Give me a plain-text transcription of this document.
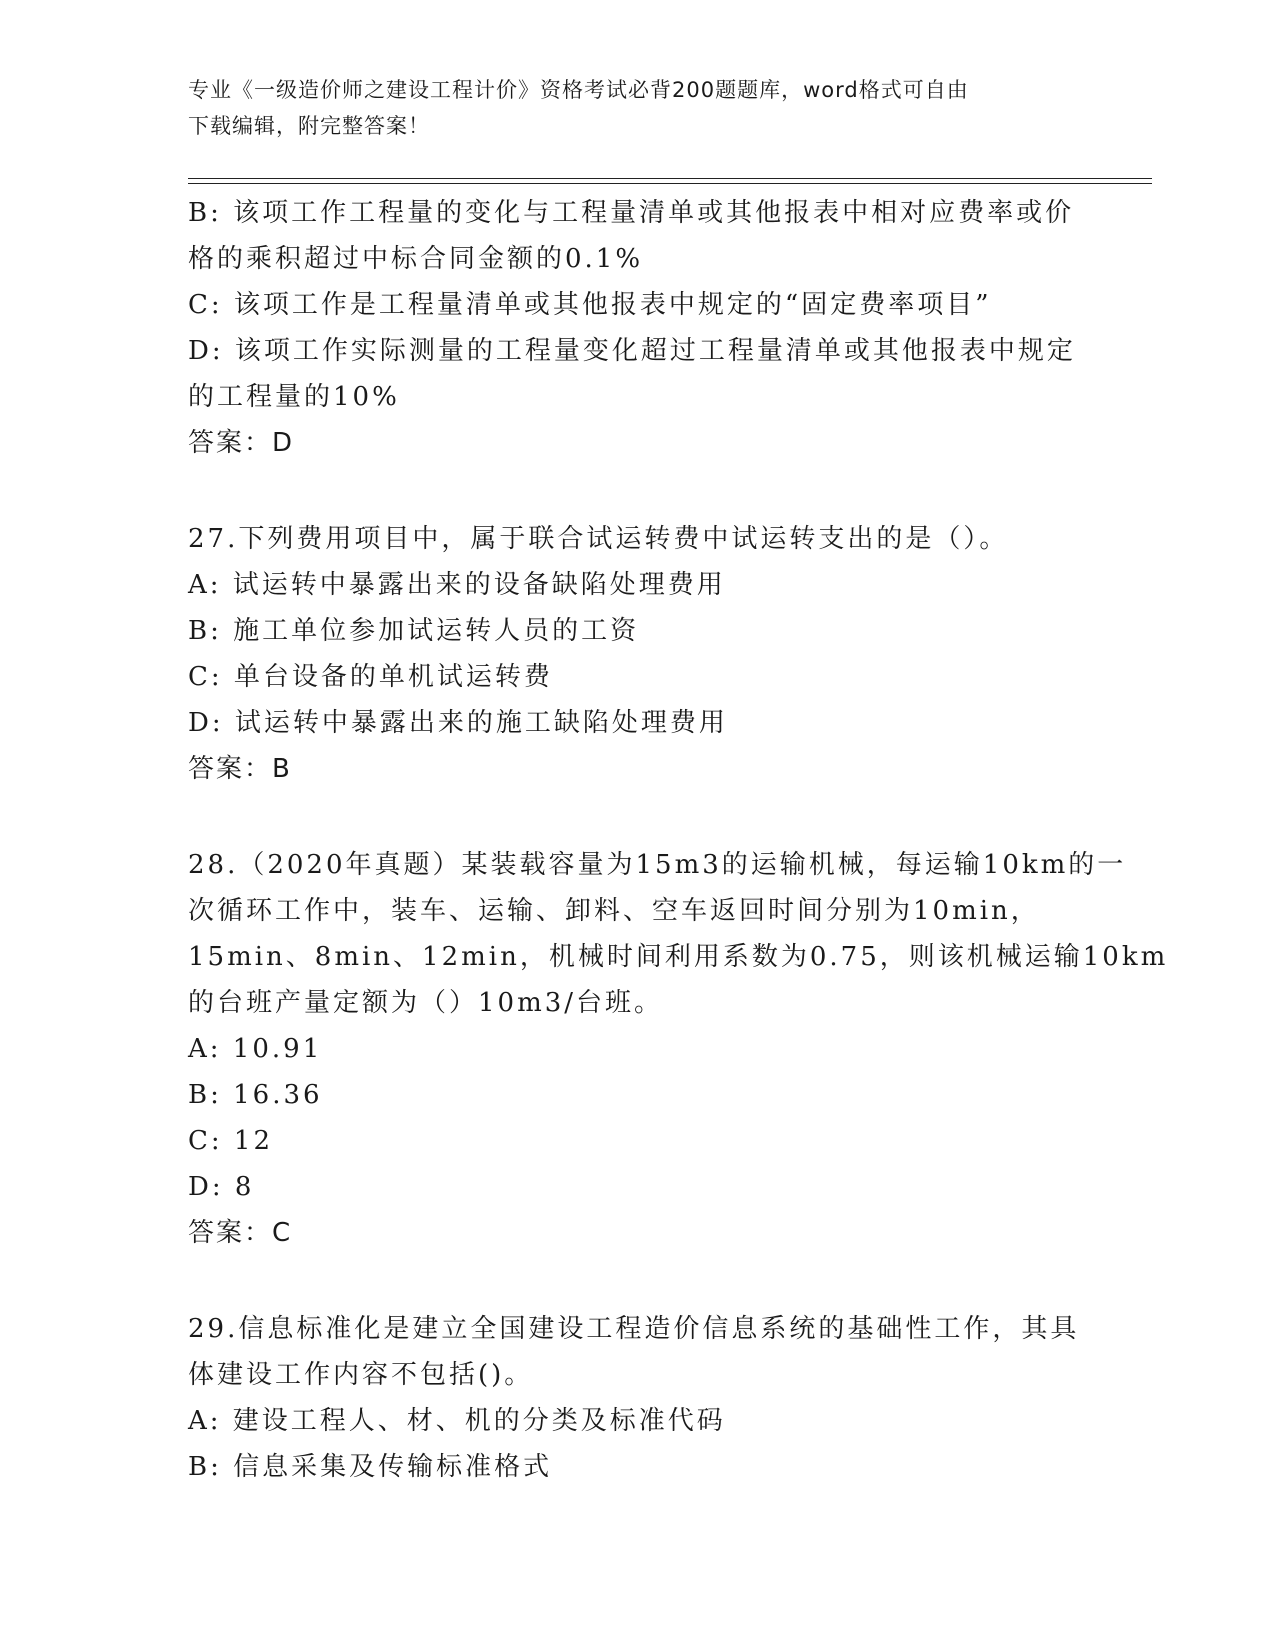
专业《一级造价师之建设工程计价》资格考试必背200题题库，word格式可自由
下载编辑，附完整答案！
B: 该项工作工程量的变化与工程量清单或其他报表中相对应费率或价
格的乘积超过中标合同金额的0.1%
C: 该项工作是工程量清单或其他报表中规定的“固定费率项目”
D: 该项工作实际测量的工程量变化超过工程量清单或其他报表中规定
的工程量的10%
答案：D
27.下列费用项目中，属于联合试运转费中试运转支出的是（）。
A: 试运转中暴露出来的设备缺陷处理费用
B: 施工单位参加试运转人员的工资
C: 单台设备的单机试运转费
D: 试运转中暴露出来的施工缺陷处理费用
答案：B
28.（2020年真题）某装载容量为15m3的运输机械，每运输10km的一
次循环工作中，装车、运输、卸料、空车返回时间分别为10min，
15min、8min、12min，机械时间利用系数为0.75，则该机械运输10km
的台班产量定额为（）10m3/台班。
A: 10.91
B: 16.36
C: 12
D: 8
答案：C
29.信息标准化是建立全国建设工程造价信息系统的基础性工作，其具
体建设工作内容不包括()。
A: 建设工程人、材、机的分类及标准代码
B: 信息采集及传输标准格式
